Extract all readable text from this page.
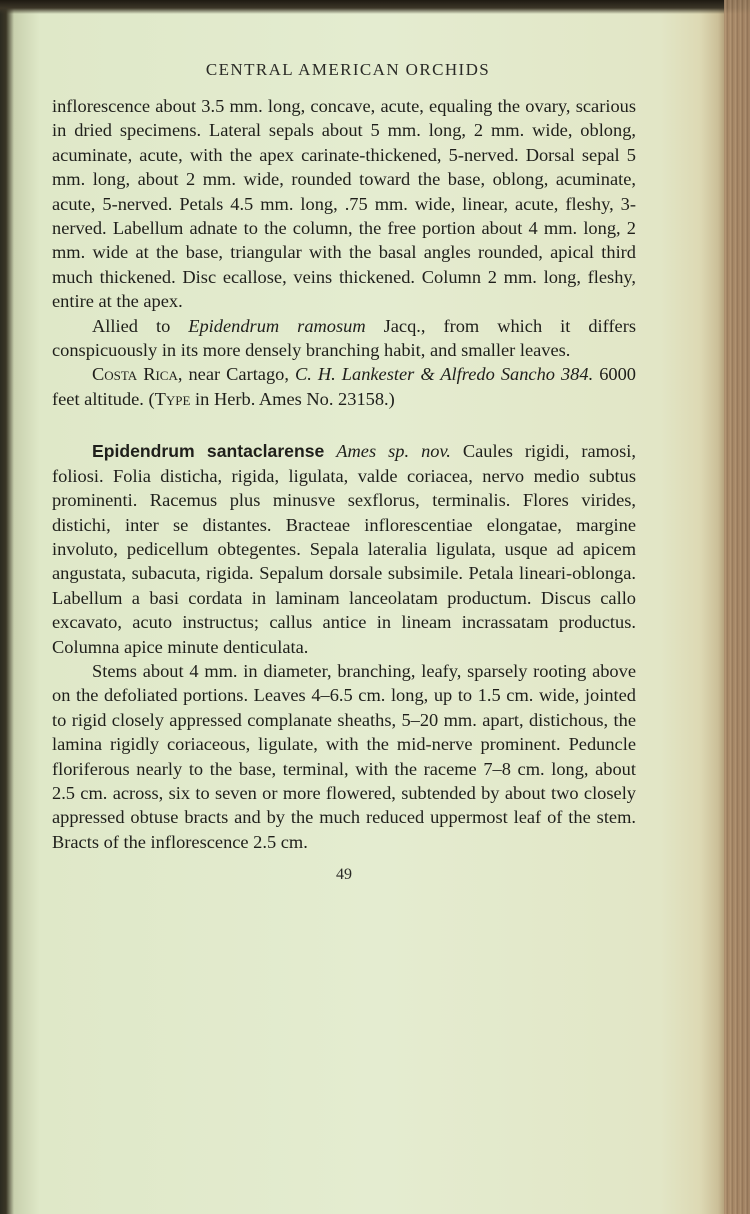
CENTRAL AMERICAN ORCHIDS

inflorescence about 3.5 mm. long, concave, acute, equaling the ovary, scarious in dried specimens. Lateral sepals about 5 mm. long, 2 mm. wide, oblong, acuminate, acute, with the apex carinate-thickened, 5-nerved. Dorsal sepal 5 mm. long, about 2 mm. wide, rounded toward the base, oblong, acuminate, acute, 5-nerved. Petals 4.5 mm. long, .75 mm. wide, linear, acute, fleshy, 3-nerved. Labellum adnate to the column, the free portion about 4 mm. long, 2 mm. wide at the base, triangular with the basal angles rounded, apical third much thickened. Disc ecallose, veins thickened. Column 2 mm. long, fleshy, entire at the apex.

Allied to Epidendrum ramosum Jacq., from which it differs conspicuously in its more densely branching habit, and smaller leaves.

Costa Rica, near Cartago, C. H. Lankester & Alfredo Sancho 384. 6000 feet altitude. (Type in Herb. Ames No. 23158.)

Epidendrum santaclarense Ames sp. nov. Caules rigidi, ramosi, foliosi. Folia disticha, rigida, ligulata, valde coriacea, nervo medio subtus prominenti. Racemus plus minusve sexflorus, terminalis. Flores virides, distichi, inter se distantes. Bracteae inflorescentiae elongatae, margine involuto, pedicellum obtegentes. Sepala lateralia ligulata, usque ad apicem angustata, subacuta, rigida. Sepalum dorsale subsimile. Petala lineari-oblonga. Labellum a basi cordata in laminam lanceolatam productum. Discus callo excavato, acuto instructus; callus antice in lineam incrassatam productus. Columna apice minute denticulata.

Stems about 4 mm. in diameter, branching, leafy, sparsely rooting above on the defoliated portions. Leaves 4–6.5 cm. long, up to 1.5 cm. wide, jointed to rigid closely appressed complanate sheaths, 5–20 mm. apart, distichous, the lamina rigidly coriaceous, ligulate, with the mid-nerve prominent. Peduncle floriferous nearly to the base, terminal, with the raceme 7–8 cm. long, about 2.5 cm. across, six to seven or more flowered, subtended by about two closely appressed obtuse bracts and by the much reduced uppermost leaf of the stem. Bracts of the inflorescence 2.5 cm.

49
